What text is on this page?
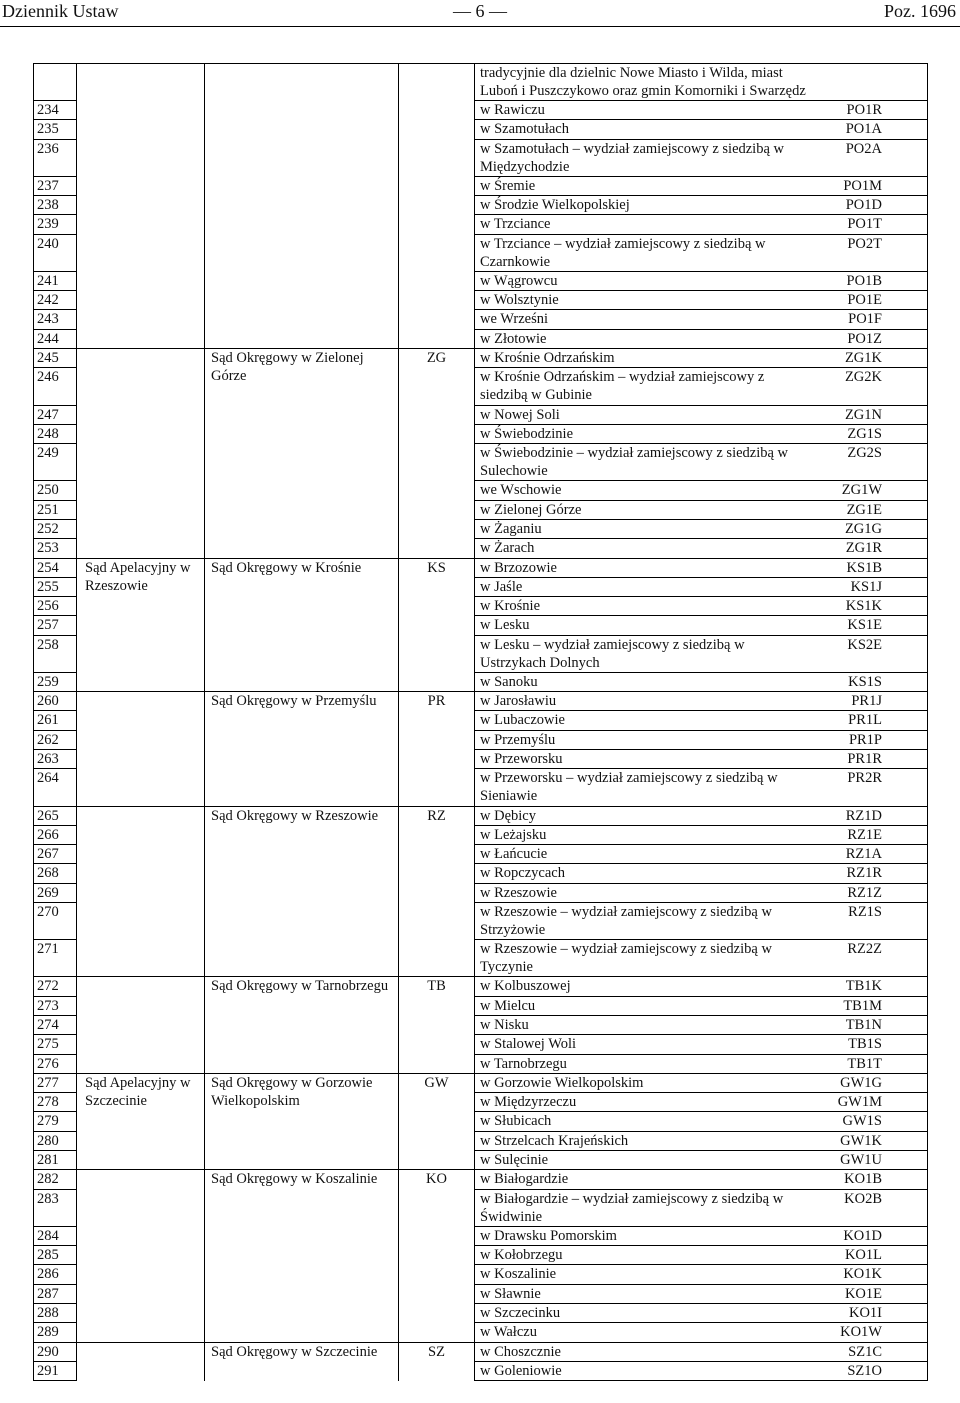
Dziennik Ustaw	— 6 —	Poz. 1696
				tradycyjnie dla dzielnic Nowe Miasto i Wilda, miast Luboń i Puszczykowo oraz gmin Komorniki i Swarzędz	
234				w Rawiczu	PO1R
235				w Szamotułach	PO1A
236				w Szamotułach – wydział zamiejscowy z siedzibą w Międzychodzie	PO2A
237				w Śremie	PO1M
238				w Środzie Wielkopolskiej	PO1D
239				w Trzciance	PO1T
240				w Trzciance – wydział zamiejscowy z siedzibą w Czarnkowie	PO2T
241				w Wągrowcu	PO1B
242				w Wolsztynie	PO1E
243				we Wrześni	PO1F
244				w Złotowie	PO1Z
245		Sąd Okręgowy w Zielonej Górze	ZG	w Krośnie Odrzańskim	ZG1K
246				w Krośnie Odrzańskim – wydział zamiejscowy z siedzibą w Gubinie	ZG2K
247				w Nowej Soli	ZG1N
248				w Świebodzinie	ZG1S
249				w Świebodzinie – wydział zamiejscowy z siedzibą w Sulechowie	ZG2S
250				we Wschowie	ZG1W
251				w Zielonej Górze	ZG1E
252				w Żaganiu	ZG1G
253				w Żarach	ZG1R
254	Sąd Apelacyjny w Rzeszowie	Sąd Okręgowy w Krośnie	KS	w Brzozowie	KS1B
255				w Jaśle	KS1J
256				w Krośnie	KS1K
257				w Lesku	KS1E
258				w Lesku – wydział zamiejscowy z siedzibą w Ustrzykach Dolnych	KS2E
259				w Sanoku	KS1S
260		Sąd Okręgowy w Przemyślu	PR	w Jarosławiu	PR1J
261				w Lubaczowie	PR1L
262				w Przemyślu	PR1P
263				w Przeworsku	PR1R
264				w Przeworsku – wydział zamiejscowy z siedzibą w Sieniawie	PR2R
265		Sąd Okręgowy w Rzeszowie	RZ	w Dębicy	RZ1D
266				w Leżajsku	RZ1E
267				w Łańcucie	RZ1A
268				w Ropczycach	RZ1R
269				w Rzeszowie	RZ1Z
270				w Rzeszowie – wydział zamiejscowy z siedzibą w Strzyżowie	RZ1S
271				w Rzeszowie – wydział zamiejscowy z siedzibą w Tyczynie	RZ2Z
272		Sąd Okręgowy w Tarnobrzegu	TB	w Kolbuszowej	TB1K
273				w Mielcu	TB1M
274				w Nisku	TB1N
275				w Stalowej Woli	TB1S
276				w Tarnobrzegu	TB1T
277	Sąd Apelacyjny w Szczecinie	Sąd Okręgowy w Gorzowie Wielkopolskim	GW	w Gorzowie Wielkopolskim	GW1G
278				w Międzyrzeczu	GW1M
279				w Słubicach	GW1S
280				w Strzelcach Krajeńskich	GW1K
281				w Sulęcinie	GW1U
282		Sąd Okręgowy w Koszalinie	KO	w Białogardzie	KO1B
283				w Białogardzie – wydział zamiejscowy z siedzibą w Świdwinie	KO2B
284				w Drawsku Pomorskim	KO1D
285				w Kołobrzegu	KO1L
286				w Koszalinie	KO1K
287				w Sławnie	KO1E
288				w Szczecinku	KO1I
289				w Wałczu	KO1W
290		Sąd Okręgowy w Szczecinie	SZ	w Choszcznie	SZ1C
291				w Goleniowie	SZ1O
